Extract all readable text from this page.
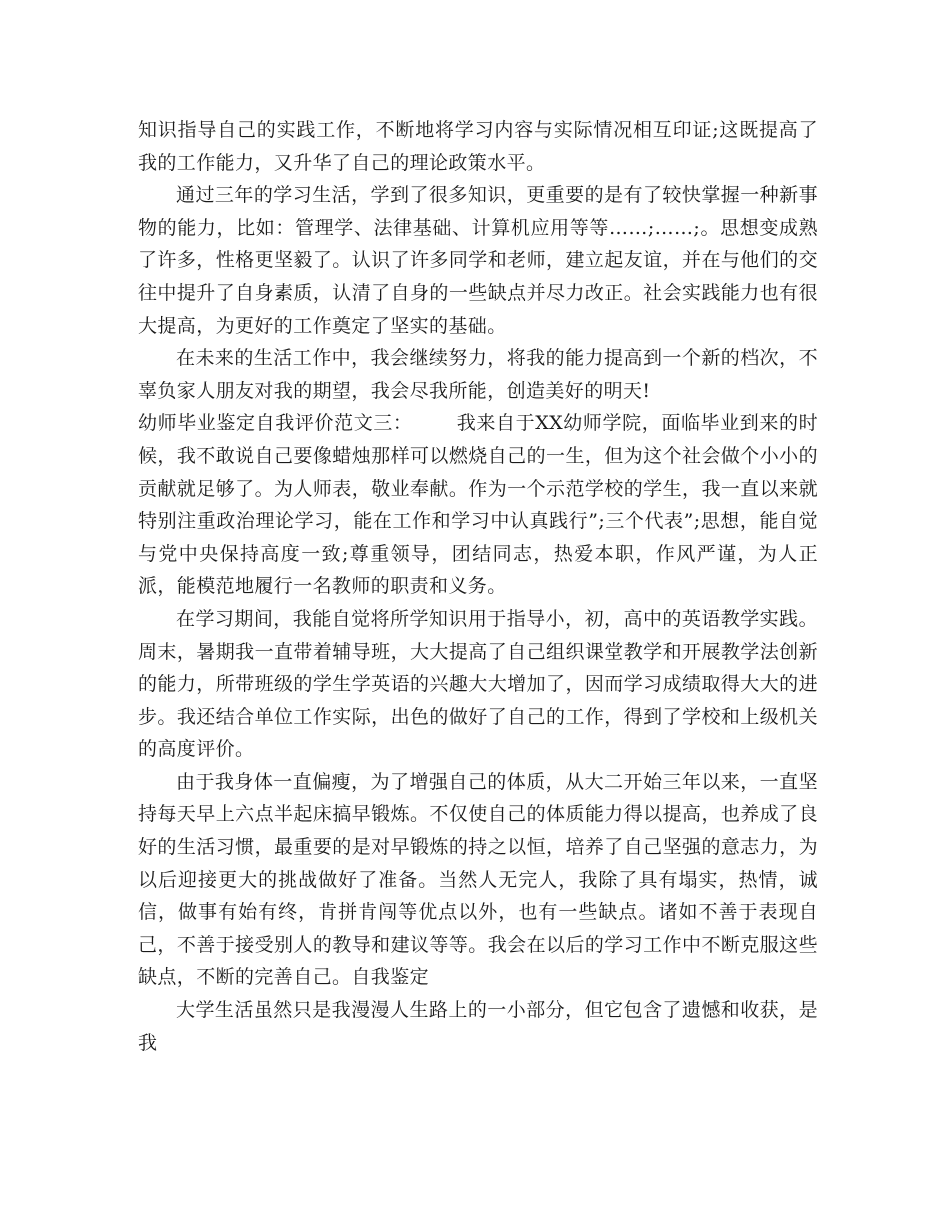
知识指导自己的实践工作，不断地将学习内容与实际情况相互印证;这既提高了我的工作能力，又升华了自己的理论政策水平。

通过三年的学习生活，学到了很多知识，更重要的是有了较快掌握一种新事物的能力，比如：管理学、法律基础、计算机应用等等……;……;。思想变成熟了许多，性格更坚毅了。认识了许多同学和老师，建立起友谊，并在与他们的交往中提升了自身素质，认清了自身的一些缺点并尽力改正。社会实践能力也有很大提高，为更好的工作奠定了坚实的基础。

在未来的生活工作中，我会继续努力，将我的能力提高到一个新的档次，不辜负家人朋友对我的期望，我会尽我所能，创造美好的明天!

幼师毕业鉴定自我评价范文三： 我来自于XX幼师学院，面临毕业到来的时候，我不敢说自己要像蜡烛那样可以燃烧自己的一生，但为这个社会做个小小的贡献就足够了。为人师表，敬业奉献。作为一个示范学校的学生，我一直以来就特别注重政治理论学习，能在工作和学习中认真践行”;三个代表”;思想，能自觉与党中央保持高度一致;尊重领导，团结同志，热爱本职，作风严谨，为人正派，能模范地履行一名教师的职责和义务。

在学习期间，我能自觉将所学知识用于指导小，初，高中的英语教学实践。周末，暑期我一直带着辅导班，大大提高了自己组织课堂教学和开展教学法创新的能力，所带班级的学生学英语的兴趣大大增加了，因而学习成绩取得大大的进步。我还结合单位工作实际，出色的做好了自己的工作，得到了学校和上级机关的高度评价。

由于我身体一直偏瘦，为了增强自己的体质，从大二开始三年以来，一直坚持每天早上六点半起床搞早锻炼。不仅使自己的体质能力得以提高，也养成了良好的生活习惯，最重要的是对早锻炼的持之以恒，培养了自己坚强的意志力，为以后迎接更大的挑战做好了准备。当然人无完人，我除了具有塌实，热情，诚信，做事有始有终，肯拼肯闯等优点以外，也有一些缺点。诸如不善于表现自己，不善于接受别人的教导和建议等等。我会在以后的学习工作中不断克服这些缺点，不断的完善自己。自我鉴定

大学生活虽然只是我漫漫人生路上的一小部分，但它包含了遗憾和收获，是我
